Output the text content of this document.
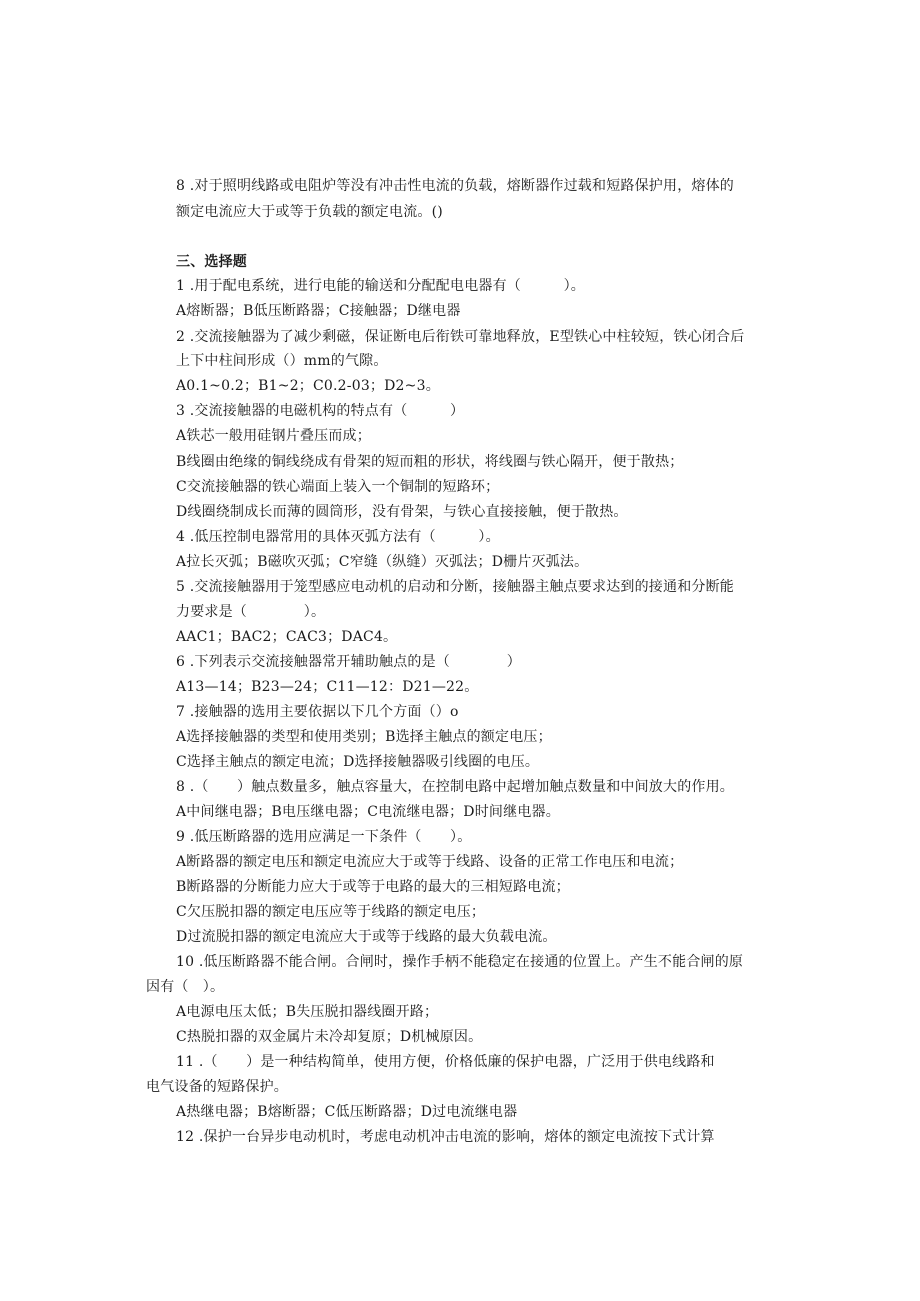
8 .对于照明线路或电阻炉等没有冲击性电流的负载，熔断器作过载和短路保护用，熔体的
额定电流应大于或等于负载的额定电流。()
三、选择题
1 .用于配电系统，进行电能的输送和分配配电电器有（　　　）。
A熔断器；B低压断路器；C接触器；D继电器
2 .交流接触器为了减少剩磁，保证断电后衔铁可靠地释放，E型铁心中柱较短，铁心闭合后
上下中柱间形成（）mm的气隙。
A0.1~0.2；B1~2；C0.2-03；D2~3。
3 .交流接触器的电磁机构的特点有（　　　）
A铁芯一般用硅钢片叠压而成；
B线圈由绝缘的铜线绕成有骨架的短而粗的形状，将线圈与铁心隔开，便于散热；
C交流接触器的铁心端面上装入一个铜制的短路环；
D线圈绕制成长而薄的圆筒形，没有骨架，与铁心直接接触，便于散热。
4 .低压控制电器常用的具体灭弧方法有（　　　）。
A拉长灭弧；B磁吹灭弧；C窄缝（纵缝）灭弧法；D栅片灭弧法。
5 .交流接触器用于笼型感应电动机的启动和分断，接触器主触点要求达到的接通和分断能
力要求是（　　　　）。
AAC1；BAC2；CAC3；DAC4。
6 .下列表示交流接触器常开辅助触点的是（　　　　）
A13—14；B23—24；C11—12：D21—22。
7 .接触器的选用主要依据以下几个方面（）o
A选择接触器的类型和使用类别；B选择主触点的额定电压；
C选择主触点的额定电流；D选择接触器吸引线圈的电压。
8 .（　　）触点数量多，触点容量大，在控制电路中起增加触点数量和中间放大的作用。
A中间继电器；B电压继电器；C电流继电器；D时间继电器。
9 .低压断路器的选用应满足一下条件（　　）。
A断路器的额定电压和额定电流应大于或等于线路、设备的正常工作电压和电流；
B断路器的分断能力应大于或等于电路的最大的三相短路电流；
C欠压脱扣器的额定电压应等于线路的额定电压；
D过流脱扣器的额定电流应大于或等于线路的最大负载电流。
10 .低压断路器不能合闸。合闸时，操作手柄不能稳定在接通的位置上。产生不能合闸的原
因有（　）。
A电源电压太低；B失压脱扣器线圈开路；
C热脱扣器的双金属片未冷却复原；D机械原因。
11 .（　　）是一种结构简单，使用方便，价格低廉的保护电器，广泛用于供电线路和
电气设备的短路保护。
A热继电器；B熔断器；C低压断路器；D过电流继电器
12 .保护一台异步电动机时，考虑电动机冲击电流的影响，熔体的额定电流按下式计算
